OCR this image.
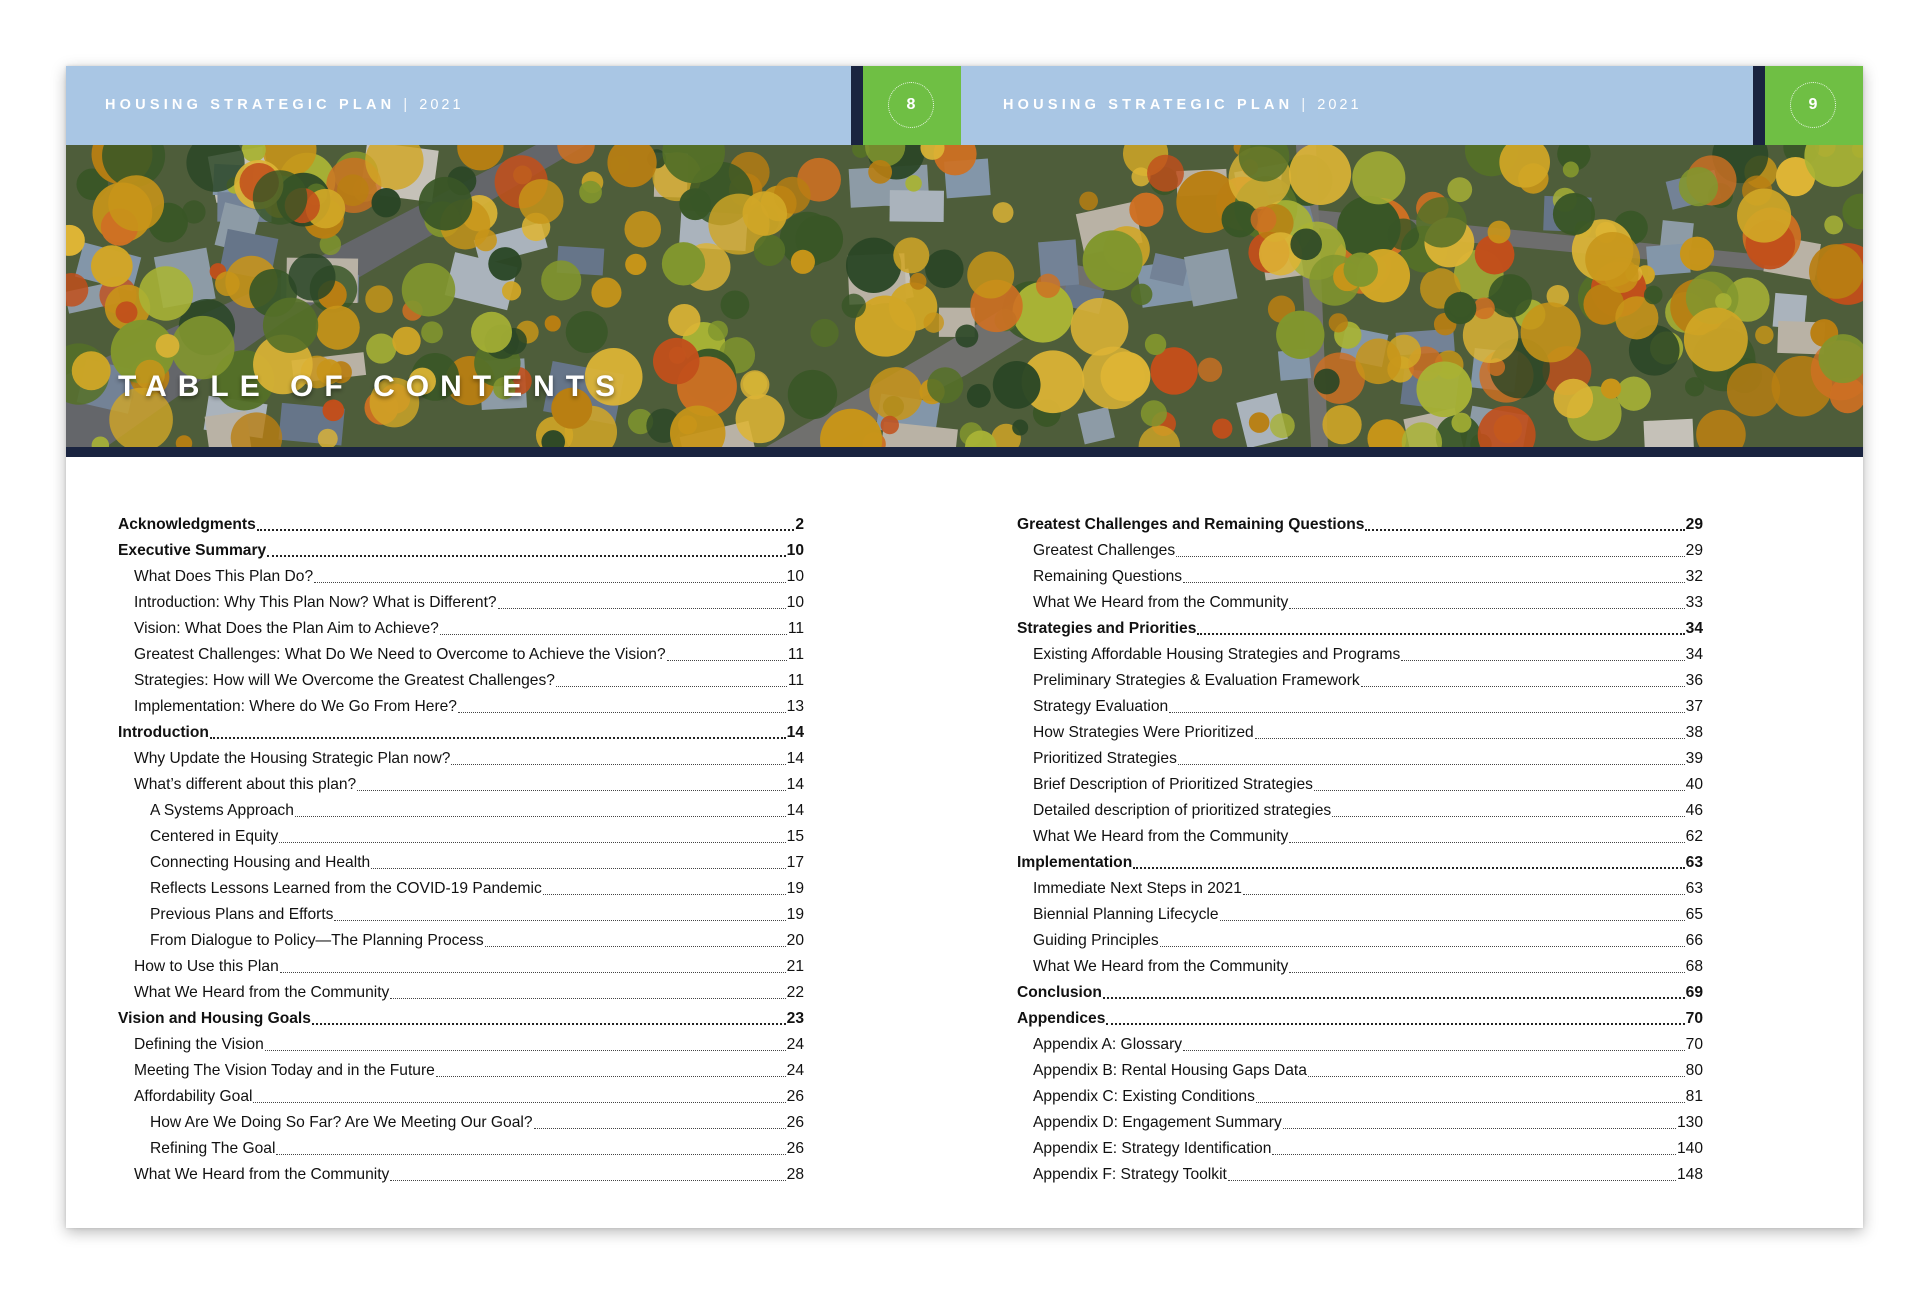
HOUSING STRATEGIC PLAN | 2021	8	HOUSING STRATEGIC PLAN | 2021	9
TABLE OF CONTENTS
Acknowledgments	2
Executive Summary	10
What Does This Plan Do?	10
Introduction: Why This Plan Now? What is Different?	10
Vision: What Does the Plan Aim to Achieve?	11
Greatest Challenges: What Do We Need to Overcome to Achieve the Vision?	11
Strategies: How will We Overcome the Greatest Challenges?	11
Implementation: Where do We Go From Here?	13
Introduction	14
Why Update the Housing Strategic Plan now?	14
What’s different about this plan?	14
A Systems Approach	14
Centered in Equity	15
Connecting Housing and Health	17
Reflects Lessons Learned from the COVID-19 Pandemic	19
Previous Plans and Efforts	19
From Dialogue to Policy—The Planning Process	20
How to Use this Plan	21
What We Heard from the Community	22
Vision and Housing Goals	23
Defining the Vision	24
Meeting The Vision Today and in the Future	24
Affordability Goal	26
How Are We Doing So Far? Are We Meeting Our Goal?	26
Refining The Goal	26
What We Heard from the Community	28
Greatest Challenges and Remaining Questions	29
Greatest Challenges	29
Remaining Questions	32
What We Heard from the Community	33
Strategies and Priorities	34
Existing Affordable Housing Strategies and Programs	34
Preliminary Strategies & Evaluation Framework	36
Strategy Evaluation	37
How Strategies Were Prioritized	38
Prioritized Strategies	39
Brief Description of Prioritized Strategies	40
Detailed description of prioritized strategies	46
What We Heard from the Community	62
Implementation	63
Immediate Next Steps in 2021	63
Biennial Planning Lifecycle	65
Guiding Principles	66
What We Heard from the Community	68
Conclusion	69
Appendices	70
Appendix A: Glossary	70
Appendix B: Rental Housing Gaps Data	80
Appendix C: Existing Conditions	81
Appendix D: Engagement Summary	130
Appendix E: Strategy Identification	140
Appendix F: Strategy Toolkit	148
